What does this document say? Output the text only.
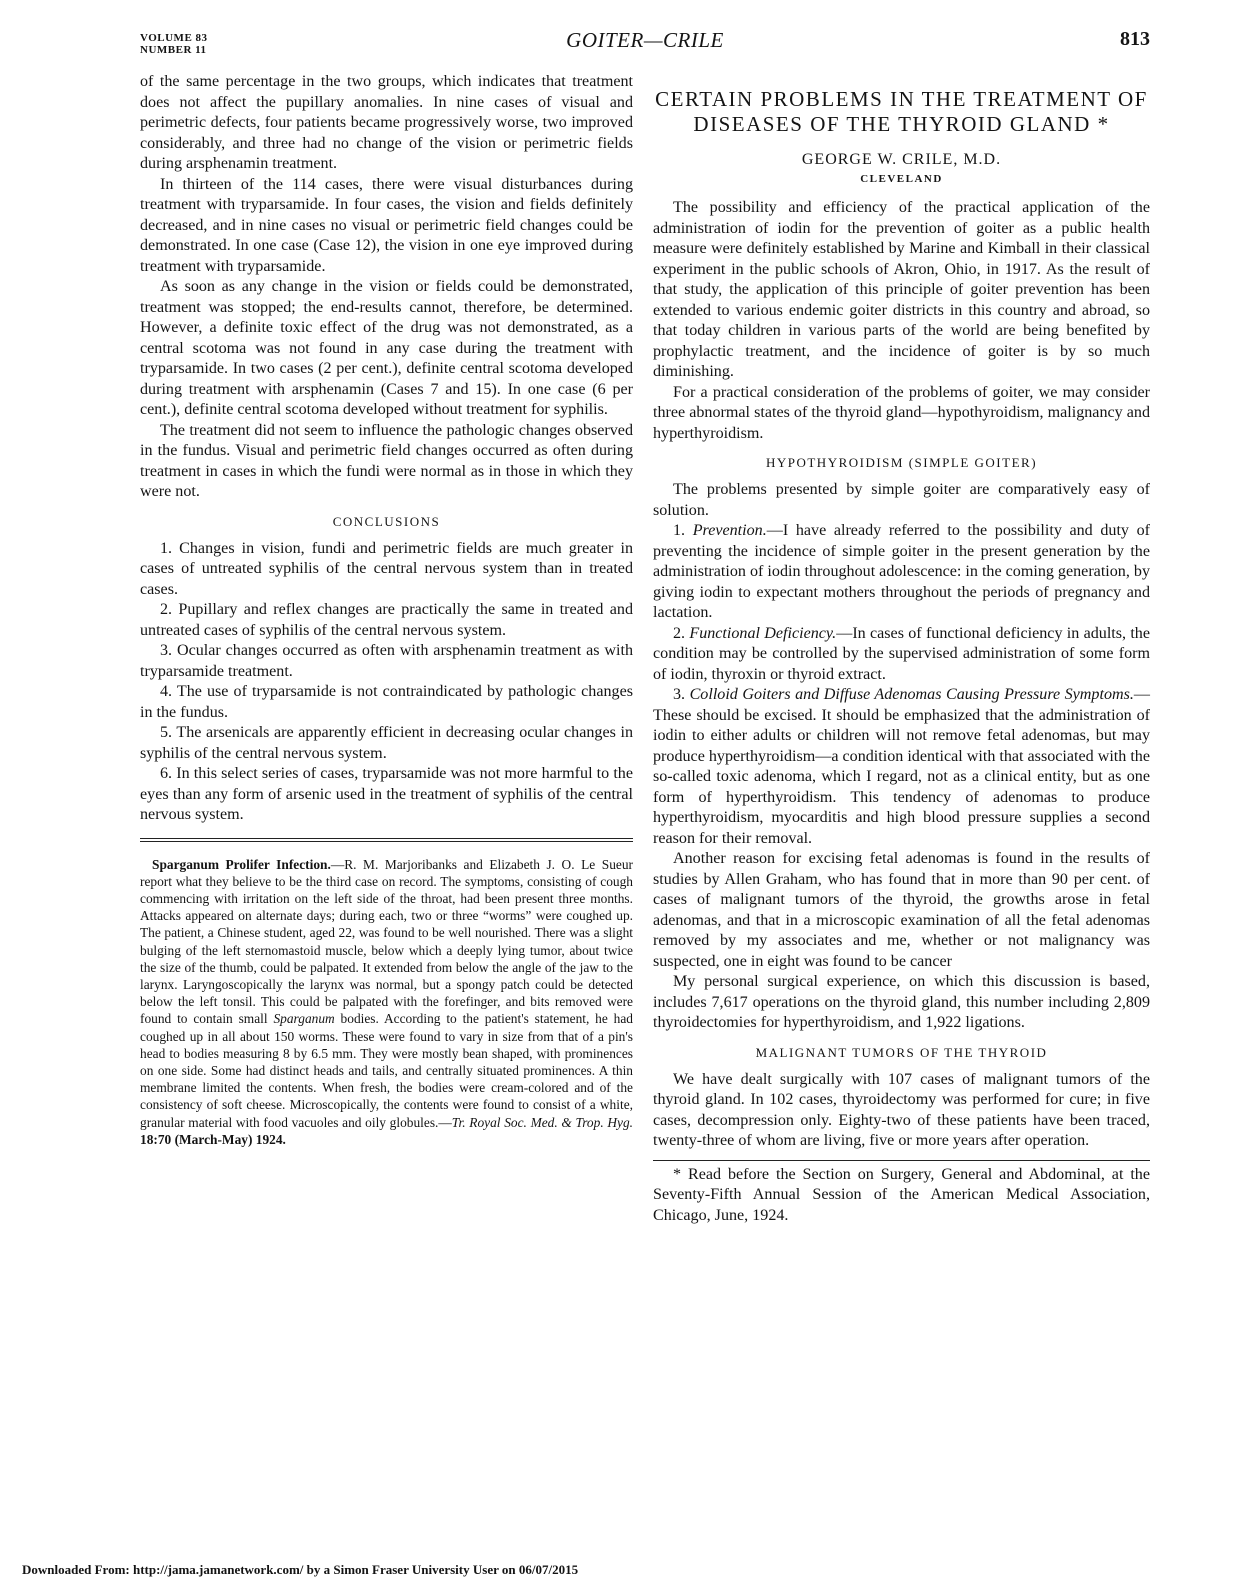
VOLUME 83
NUMBER 11	GOITER—CRILE	813

of the same percentage in the two groups, which indicates that treatment does not affect the pupillary anomalies. In nine cases of visual and perimetric defects, four patients became progressively worse, two improved considerably, and three had no change of the vision or perimetric fields during arsphenamin treatment.

In thirteen of the 114 cases, there were visual disturbances during treatment with tryparsamide. In four cases, the vision and fields definitely decreased, and in nine cases no visual or perimetric field changes could be demonstrated. In one case (Case 12), the vision in one eye improved during treatment with tryparsamide.

As soon as any change in the vision or fields could be demonstrated, treatment was stopped; the end-results cannot, therefore, be determined. However, a definite toxic effect of the drug was not demonstrated, as a central scotoma was not found in any case during the treatment with tryparsamide. In two cases (2 per cent.), definite central scotoma developed during treatment with arsphenamin (Cases 7 and 15). In one case (6 per cent.), definite central scotoma developed without treatment for syphilis.

The treatment did not seem to influence the pathologic changes observed in the fundus. Visual and perimetric field changes occurred as often during treatment in cases in which the fundi were normal as in those in which they were not.

CONCLUSIONS

1. Changes in vision, fundi and perimetric fields are much greater in cases of untreated syphilis of the central nervous system than in treated cases.

2. Pupillary and reflex changes are practically the same in treated and untreated cases of syphilis of the central nervous system.

3. Ocular changes occurred as often with arsphenamin treatment as with tryparsamide treatment.

4. The use of tryparsamide is not contraindicated by pathologic changes in the fundus.

5. The arsenicals are apparently efficient in decreasing ocular changes in syphilis of the central nervous system.

6. In this select series of cases, tryparsamide was not more harmful to the eyes than any form of arsenic used in the treatment of syphilis of the central nervous system.

Sparganum Prolifer Infection.—R. M. Marjoribanks and Elizabeth J. O. Le Sueur report what they believe to be the third case on record. The symptoms, consisting of cough commencing with irritation on the left side of the throat, had been present three months. Attacks appeared on alternate days; during each, two or three “worms” were coughed up. The patient, a Chinese student, aged 22, was found to be well nourished. There was a slight bulging of the left sternomastoid muscle, below which a deeply lying tumor, about twice the size of the thumb, could be palpated. It extended from below the angle of the jaw to the larynx. Laryngoscopically the larynx was normal, but a spongy patch could be detected below the left tonsil. This could be palpated with the forefinger, and bits removed were found to contain small Sparganum bodies. According to the patient's statement, he had coughed up in all about 150 worms. These were found to vary in size from that of a pin's head to bodies measuring 8 by 6.5 mm. They were mostly bean shaped, with prominences on one side. Some had distinct heads and tails, and centrally situated prominences. A thin membrane limited the contents. When fresh, the bodies were cream-colored and of the consistency of soft cheese. Microscopically, the contents were found to consist of a white, granular material with food vacuoles and oily globules.—Tr. Royal Soc. Med. & Trop. Hyg. 18:70 (March-May) 1924.

CERTAIN PROBLEMS IN THE TREATMENT OF DISEASES OF THE THYROID GLAND *
GEORGE W. CRILE, M.D.
CLEVELAND

The possibility and efficiency of the practical application of the administration of iodin for the prevention of goiter as a public health measure were definitely established by Marine and Kimball in their classical experiment in the public schools of Akron, Ohio, in 1917. As the result of that study, the application of this principle of goiter prevention has been extended to various endemic goiter districts in this country and abroad, so that today children in various parts of the world are being benefited by prophylactic treatment, and the incidence of goiter is by so much diminishing.

For a practical consideration of the problems of goiter, we may consider three abnormal states of the thyroid gland—hypothyroidism, malignancy and hyperthyroidism.

HYPOTHYROIDISM (SIMPLE GOITER)

The problems presented by simple goiter are comparatively easy of solution.

1. Prevention.—I have already referred to the possibility and duty of preventing the incidence of simple goiter in the present generation by the administration of iodin throughout adolescence: in the coming generation, by giving iodin to expectant mothers throughout the periods of pregnancy and lactation.

2. Functional Deficiency.—In cases of functional deficiency in adults, the condition may be controlled by the supervised administration of some form of iodin, thyroxin or thyroid extract.

3. Colloid Goiters and Diffuse Adenomas Causing Pressure Symptoms.—These should be excised. It should be emphasized that the administration of iodin to either adults or children will not remove fetal adenomas, but may produce hyperthyroidism—a condition identical with that associated with the so-called toxic adenoma, which I regard, not as a clinical entity, but as one form of hyperthyroidism. This tendency of adenomas to produce hyperthyroidism, myocarditis and high blood pressure supplies a second reason for their removal.

Another reason for excising fetal adenomas is found in the results of studies by Allen Graham, who has found that in more than 90 per cent. of cases of malignant tumors of the thyroid, the growths arose in fetal adenomas, and that in a microscopic examination of all the fetal adenomas removed by my associates and me, whether or not malignancy was suspected, one in eight was found to be cancer

My personal surgical experience, on which this discussion is based, includes 7,617 operations on the thyroid gland, this number including 2,809 thyroidectomies for hyperthyroidism, and 1,922 ligations.

MALIGNANT TUMORS OF THE THYROID

We have dealt surgically with 107 cases of malignant tumors of the thyroid gland. In 102 cases, thyroidectomy was performed for cure; in five cases, decompression only. Eighty-two of these patients have been traced, twenty-three of whom are living, five or more years after operation.

* Read before the Section on Surgery, General and Abdominal, at the Seventy-Fifth Annual Session of the American Medical Association, Chicago, June, 1924.

Downloaded From: http://jama.jamanetwork.com/ by a Simon Fraser University User on 06/07/2015
